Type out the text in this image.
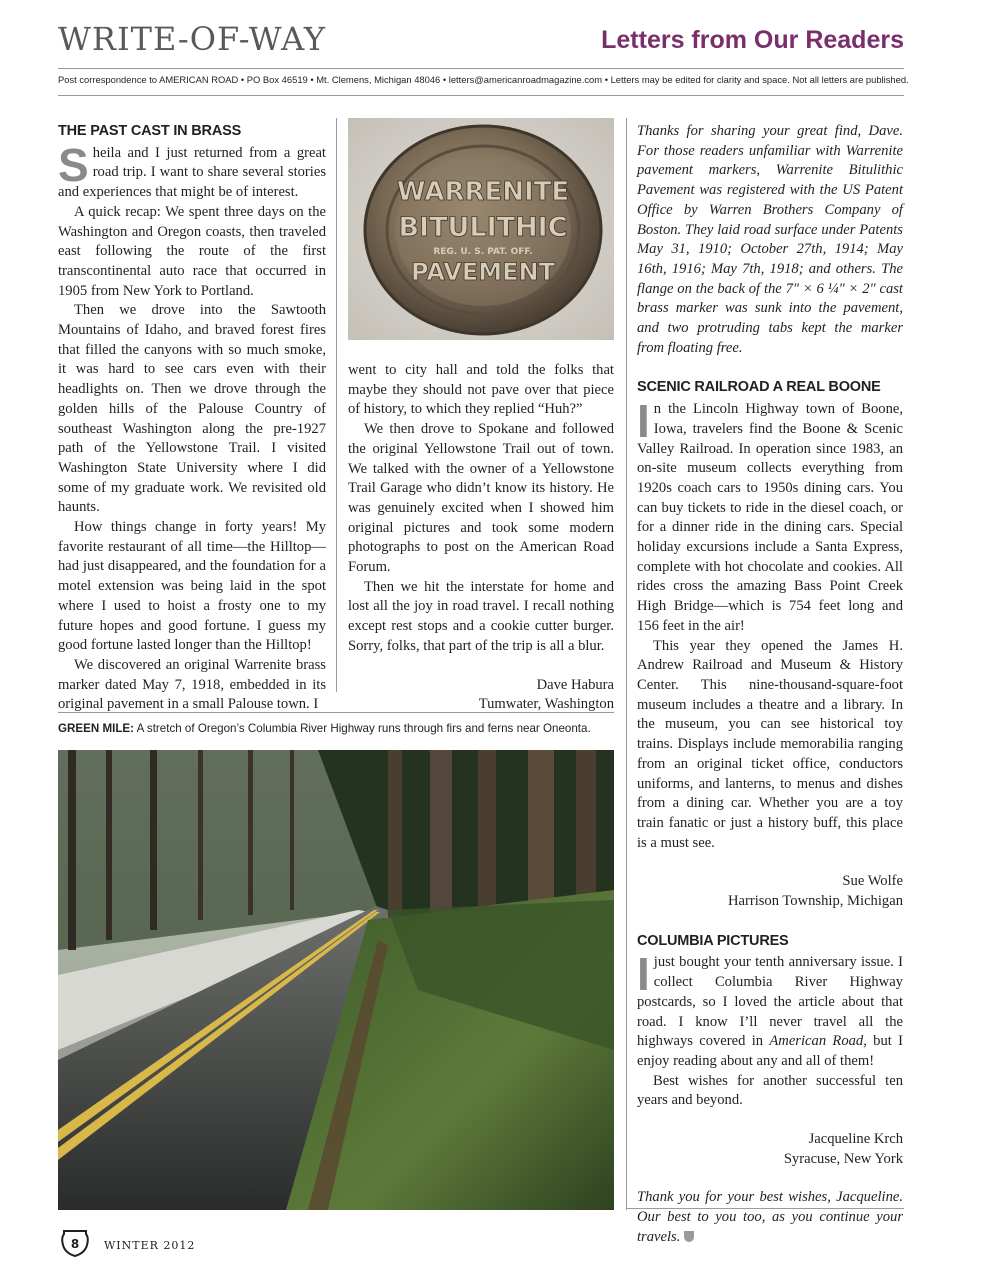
WRITE-OF-WAY	Letters from Our Readers
Post correspondence to AMERICAN ROAD • PO Box 46519 • Mt. Clemens, Michigan 48046 • letters@americanroadmagazine.com • Letters may be edited for clarity and space. Not all letters are published.
THE PAST CAST IN BRASS

Sheila and I just returned from a great road trip. I want to share several stories and experiences that might be of interest.

A quick recap: We spent three days on the Washington and Oregon coasts, then traveled east following the route of the first transcontinental auto race that occurred in 1905 from New York to Portland.

Then we drove into the Sawtooth Mountains of Idaho, and braved forest fires that filled the canyons with so much smoke, it was hard to see cars even with their headlights on. Then we drove through the golden hills of the Palouse Country of southeast Washington along the pre-1927 path of the Yellowstone Trail. I visited Washington State University where I did some of my graduate work. We revisited old haunts.

How things change in forty years! My favorite restaurant of all time—the Hilltop—had just disappeared, and the foundation for a motel extension was being laid in the spot where I used to hoist a frosty one to my future hopes and good fortune. I guess my good fortune lasted longer than the Hilltop!

We discovered an original Warrenite brass marker dated May 7, 1918, embedded in its original pavement in a small Palouse town. I

WARRENITE
BITULITHIC
REG. U. S. PAT. OFF.
PAVEMENT

went to city hall and told the folks that maybe they should not pave over that piece of history, to which they replied “Huh?”

We then drove to Spokane and followed the original Yellowstone Trail out of town. We talked with the owner of a Yellowstone Trail Garage who didn’t know its history. He was genuinely excited when I showed him original pictures and took some modern photographs to post on the American Road Forum.

Then we hit the interstate for home and lost all the joy in road travel. I recall nothing except rest stops and a cookie cutter burger. Sorry, folks, that part of the trip is all a blur.

Dave Habura

Tumwater, Washington

GREEN MILE: A stretch of Oregon’s Columbia River Highway runs through firs and ferns near Oneonta.

Thanks for sharing your great find, Dave. For those readers unfamiliar with Warrenite pavement markers, Warrenite Bitulithic Pavement was registered with the US Patent Office by Warren Brothers Company of Boston. They laid road surface under Patents May 31, 1910; October 27th, 1914; May 16th, 1916; May 7th, 1918; and others. The flange on the back of the 7" × 6 ¼" × 2" cast brass marker was sunk into the pavement, and two protruding tabs kept the marker from floating free.

SCENIC RAILROAD A REAL BOONE

In the Lincoln Highway town of Boone, Iowa, travelers find the Boone & Scenic Valley Railroad. In operation since 1983, an on-site museum collects everything from 1920s coach cars to 1950s dining cars. You can buy tickets to ride in the diesel coach, or for a dinner ride in the dining cars. Special holiday excursions include a Santa Express, complete with hot chocolate and cookies. All rides cross the amazing Bass Point Creek High Bridge—which is 754 feet long and 156 feet in the air!

This year they opened the James H. Andrew Railroad and Museum & History Center. This nine-thousand-square-foot museum includes a theatre and a library. In the museum, you can see historical toy trains. Displays include memorabilia ranging from an original ticket office, conductors uniforms, and lanterns, to menus and dishes from a dining car. Whether you are a toy train fanatic or just a history buff, this place is a must see.

Sue Wolfe

Harrison Township, Michigan

COLUMBIA PICTURES

I just bought your tenth anniversary issue. I collect Columbia River Highway postcards, so I loved the article about that road. I know I’ll never travel all the highways covered in American Road, but I enjoy reading about any and all of them!

Best wishes for another successful ten years and beyond.

Jacqueline Krch

Syracuse, New York

Thank you for your best wishes, Jacqueline. Our best to you too, as you continue your travels.

8 WINTER 2012
